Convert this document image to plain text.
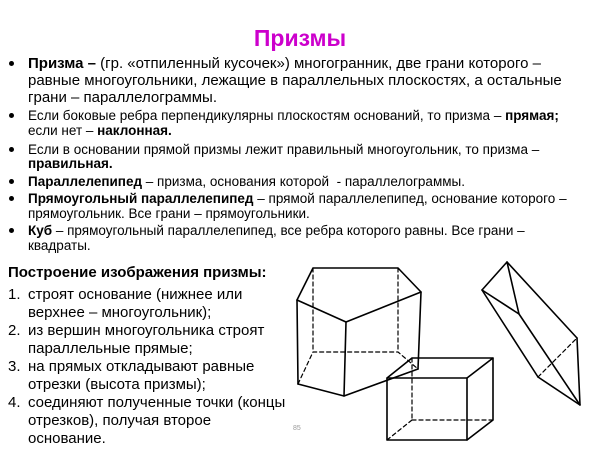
Призмы
Призма – (гр. «отпиленный кусочек») многогранник, две грани которого –
равные многоугольники, лежащие в параллельных плоскостях, а остальные
грани – параллелограммы.
Если боковые ребра перпендикулярны плоскостям оснований, то призма – прямая;
если нет – наклонная.
Если в основании прямой призмы лежит правильный многоугольник, то призма –
правильная.
Параллелепипед – призма, основания которой  - параллелограммы.
Прямоугольный параллелепипед – прямой параллелепипед, основание которого –
прямоугольник. Все грани – прямоугольники.
Куб – прямоугольный параллелепипед, все ребра которого равны. Все грани –
квадраты.
Построение изображения призмы:
1. строят основание (нижнее или
верхнее – многоугольник);
2. из вершин многоугольника строят
параллельные прямые;
3. на прямых откладывают равные
отрезки (высота призмы);
4. соединяют полученные точки (концы
отрезков), получая второе
основание.
85
